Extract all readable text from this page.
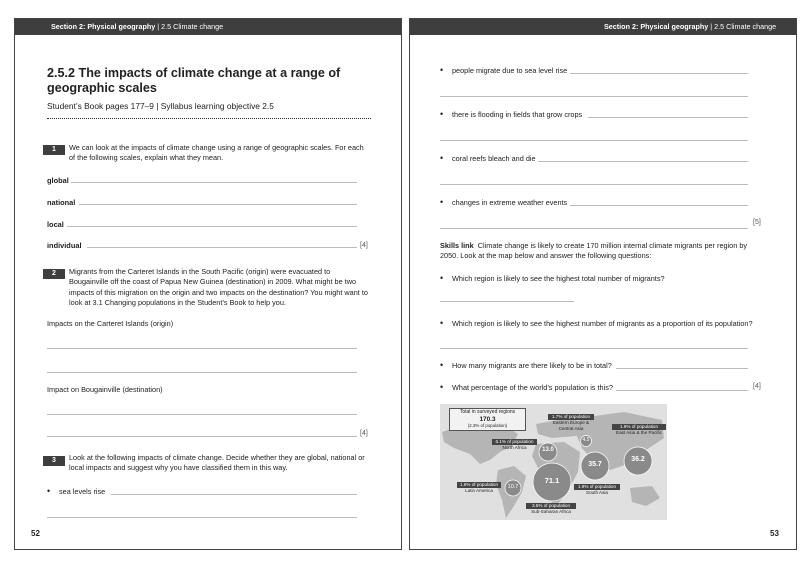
Section 2: Physical geography | 2.5 Climate change
2.5.2 The impacts of climate change at a range of geographic scales
Student’s Book pages 177–9 | Syllabus learning objective 2.5
1	We can look at the impacts of climate change using a range of geographic scales. For each of the following scales, explain what they mean.
global
national
local
individual	[4]
2	Migrants from the Carteret Islands in the South Pacific (origin) were evacuated to Bougainville off the coast of Papua New Guinea (destination) in 2009. What might be two impacts of this migration on the origin and two impacts on the destination? You might want to look at 3.1 Changing populations in the Student’s Book to help you.
Impacts on the Carteret Islands (origin)
Impact on Bougainville (destination)
[4]
3	Look at the following impacts of climate change. Decide whether they are global, national or local impacts and suggest why you have classified them in this way.
• sea levels rise
52
Section 2: Physical geography | 2.5 Climate change
• people migrate due to sea level rise
• there is flooding in fields that grow crops
• coral reefs bleach and die
• changes in extreme weather events
[5]
Skills link Climate change is likely to create 170 million internal climate migrants per region by 2050. Look at the map below and answer the following questions:
• Which region is likely to see the highest total number of migrants?
• Which region is likely to see the highest number of migrants as a proportion of its population?
• How many migrants are there likely to be in total?
• What percentage of the world’s population is this?	[4]
Total in surveyed regions
170.3
(2.3% of population)
1.7% of population
Eastern Europe & Central Asia
4.5
6.1% of population
North Africa	13.0
1.9% of population
East Asia & the Pacific
36.2
35.7
1.9% of population
South Asia
1.6% of population
Latin America
10.7
71.1
3.5% of population
Sub-Saharan Africa
53
